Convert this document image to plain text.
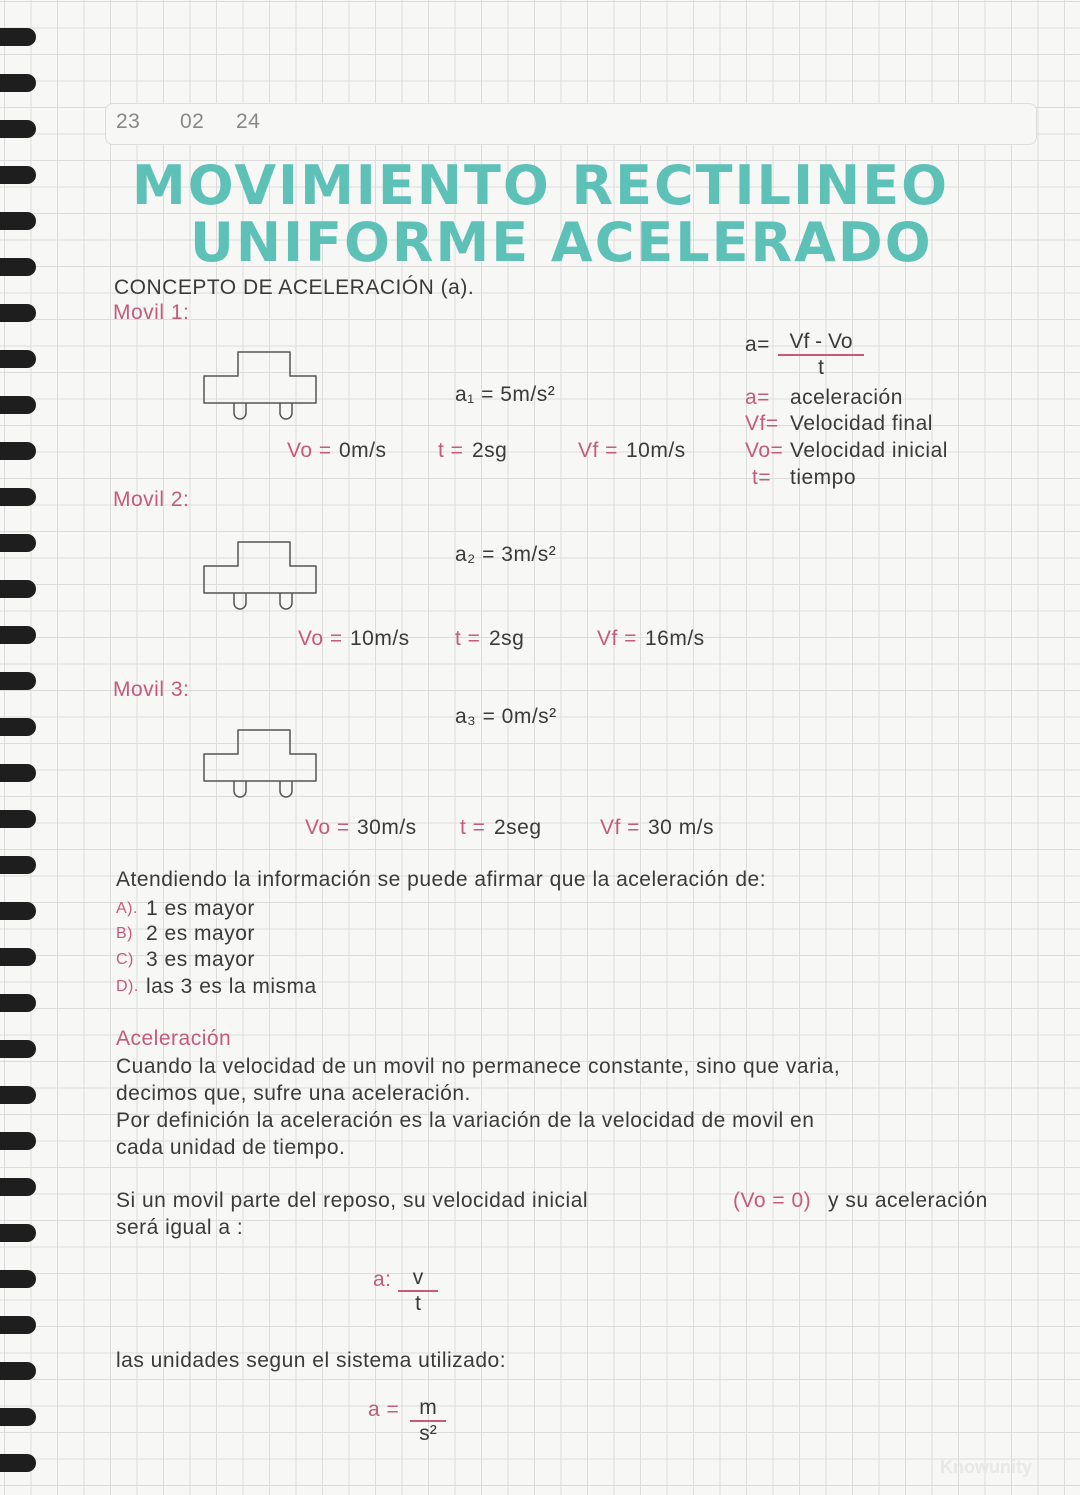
23 02 24
MOVIMIENTO RECTILINEO
UNIFORME ACELERADO
CONCEPTO DE ACELERACIÓN (a).
$a= \frac{Vf - Vo}{t}$
a= aceleración
Vf= Velocidad final
Vo= Velocidad inicial
t= tiempo
Movil 1:
a₁ = 5m/s²
Vo = 0m/s t = 2sg	Vf = 10m/s
Movil 2:
a₂ = 3m/s²
Vo = 10m/s t = 2sg	Vf = 16m/s
Movil 3:
a₃ = 0m/s²
Vo = 30m/s t = 2seg	Vf = 30 m/s
Atendiendo la información se puede afirmar que la aceleración de:
A). 1 es mayor
B) 2 es mayor
C) 3 es mayor
D). las 3 es la misma
Aceleración
Cuando la velocidad de un movil no permanece constante, sino que varia,
decimos que, sufre una aceleración.
Por definición la aceleración es la variación de la velocidad de movil en
cada unidad de tiempo.
Si un movil parte del reposo, su velocidad inicial	(Vo = 0) y su aceleración
será igual a :
a: $\frac{v}{t}$
las unidades segun el sistema utilizado:
$a = \frac{m}{\text{s²}}$
Knowunity
